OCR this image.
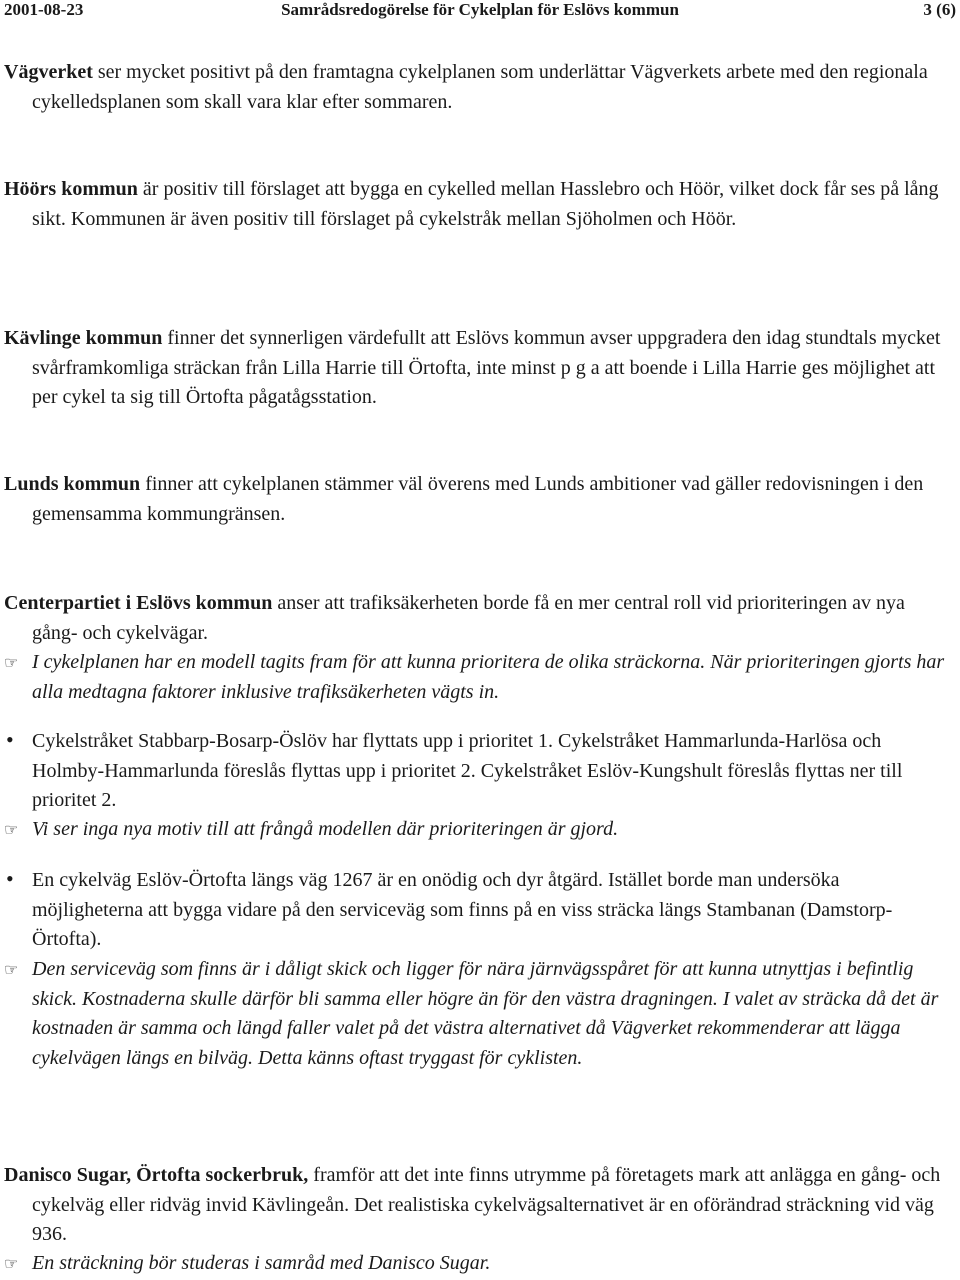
2001-08-23	Samrådsredogörelse för Cykelplan för Eslövs kommun	3 (6)
Vägverket ser mycket positivt på den framtagna cykelplanen som underlättar Vägverkets arbete med den regionala cykelledsplanen som skall vara klar efter sommaren.
Höörs kommun är positiv till förslaget att bygga en cykelled mellan Hasslebro och Höör, vilket dock får ses på lång sikt. Kommunen är även positiv till förslaget på cykelstråk mellan Sjöholmen och Höör.
Kävlinge kommun finner det synnerligen värdefullt att Eslövs kommun avser uppgradera den idag stundtals mycket svårframkomliga sträckan från Lilla Harrie till Örtofta, inte minst p g a att boende i Lilla Harrie ges möjlighet att per cykel ta sig till Örtofta pågatågsstation.
Lunds kommun finner att cykelplanen stämmer väl överens med Lunds ambitioner vad gäller redovisningen i den gemensamma kommungränsen.
Centerpartiet i Eslövs kommun anser att trafiksäkerheten borde få en mer central roll vid prioriteringen av nya gång- och cykelvägar.
☞ I cykelplanen har en modell tagits fram för att kunna prioritera de olika sträckorna. När prioriteringen gjorts har alla medtagna faktorer inklusive trafiksäkerheten vägts in.
• Cykelstråket Stabbarp-Bosarp-Öslöv har flyttats upp i prioritet 1. Cykelstråket Hammarlunda-Harlösa och Holmby-Hammarlunda föreslås flyttas upp i prioritet 2. Cykelstråket Eslöv-Kungshult föreslås flyttas ner till prioritet 2.
☞ Vi ser inga nya motiv till att frångå modellen där prioriteringen är gjord.
• En cykelväg Eslöv-Örtofta längs väg 1267 är en onödig och dyr åtgärd. Istället borde man undersöka möjligheterna att bygga vidare på den serviceväg som finns på en viss sträcka längs Stambanan (Damstorp-Örtofta).
☞ Den serviceväg som finns är i dåligt skick och ligger för nära järnvägsspåret för att kunna utnyttjas i befintlig skick. Kostnaderna skulle därför bli samma eller högre än för den västra dragningen. I valet av sträcka då det är kostnaden är samma och längd faller valet på det västra alternativet då Vägverket rekommenderar att lägga cykelvägen längs en bilväg. Detta känns oftast tryggast för cyklisten.
Danisco Sugar, Örtofta sockerbruk, framför att det inte finns utrymme på företagets mark att anlägga en gång- och cykelväg eller ridväg invid Kävlingeån. Det realistiska cykelvägsalternativet är en oförändrad sträckning vid väg 936.
☞ En sträckning bör studeras i samråd med Danisco Sugar.
